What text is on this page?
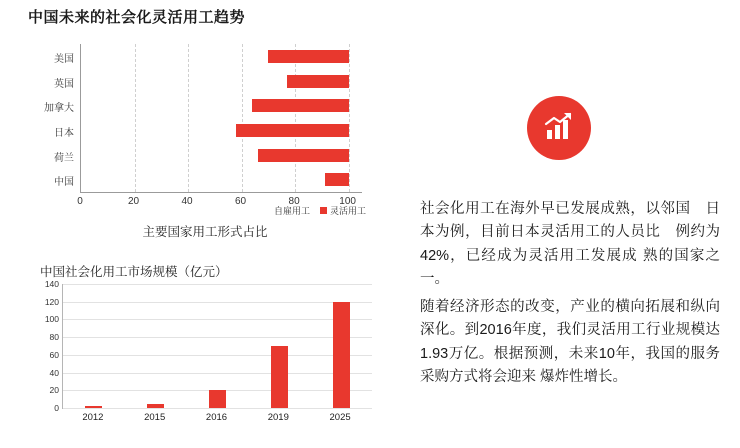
中国未来的社会化灵活用工趋势
主要国家用工形式占比
自雇用工 灵活用工
美国
英国
加拿大
日本
荷兰
中国
0	20	40	60	80	100
中国社会化用工市场规模（亿元）
0
20
40
60
80
100
120
140
2012	2015	2016	2019	2025
社会化用工在海外早已发展成熟，以邻国　日本为例，目前日本灵活用工的人员比　例约为42%，已经成为灵活用工发展成 熟的国家之一。
随着经济形态的改变，产业的横向拓展和纵向深化。到2016年度，我们灵活用工行业规模达1.93万亿。根据预测，未来10年，我国的服务采购方式将会迎来 爆炸性增长。
